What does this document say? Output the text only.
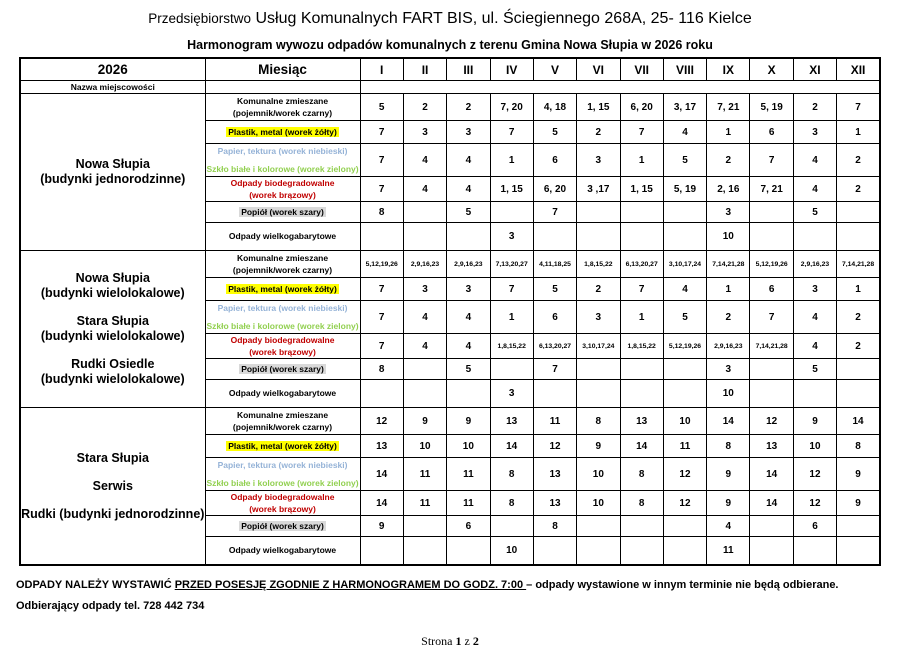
Przedsiębiorstwo Usług Komunalnych FART BIS, ul. Ściegiennego 268A, 25- 116 Kielce
Harmonogram wywozu odpadów komunalnych z terenu Gmina Nowa Słupia w 2026 roku
2026	Miesiąc	I	II	III	IV	V	VI	VII	VIII	IX	X	XI	XII
Nazwa miejscowości													

Nowa Słupia
(budynki jednorodzinne)

Komunalne zmieszane
(pojemnik/worek czarny)	5	2	2	7, 20	4, 18	1, 15	6, 20	3, 17	7, 21	5, 19	2	7

	Plastik, metal (worek żółty)	7	3	3	7	5	2	7	4	1	6	3	1

	Papier, tektura (worek niebieski)
Szkło białe i kolorowe (worek zielony)	7	4	4	1	6	3	1	5	2	7	4	2

	Odpady biodegradowalne
(worek brązowy)	7	4	4	1, 15	6, 20	3 ,17	1, 15	5, 19	2, 16	7, 21	4	2

	Popiół (worek szary)	8		5		7				3		5	

	Odpady wielkogabarytowe				3					10			

Nowa Słupia
(budynki wielolokalowe)
Stara Słupia
(budynki wielolokalowe)
Rudki Osiedle
(budynki wielolokalowe)

Komunalne zmieszane
(pojemnik/worek czarny)
	5,12,19,26	2,9,16,23	2,9,16,23	7,13,20,27	4,11,18,25	1,8,15,22	6,13,20,27	3,10,17,24	7,14,21,28	5,12,19,26	2,9,16,23	7,14,21,28

	Plastik, metal (worek żółty)	7	3	3	7	5	2	7	4	1	6	3	1

	Papier, tektura (worek niebieski)
Szkło białe i kolorowe (worek zielony)	7	4	4	1	6	3	1	5	2	7	4	2

	Odpady biodegradowalne
(worek brązowy)	7	4	4	1,8,15,22	6,13,20,27	3,10,17,24	1,8,15,22	5,12,19,26	2,9,16,23	7,14,21,28	4	2

	Popiół (worek szary)	8		5		7				3		5	

	Odpady wielkogabarytowe				3					10			

Stara Słupia
Serwis
Rudki (budynki jednorodzinne)

Komunalne zmieszane
(pojemnik/worek czarny)	12	9	9	13	11	8	13	10	14	12	9	14

	Plastik, metal (worek żółty)	13	10	10	14	12	9	14	11	8	13	10	8

	Papier, tektura (worek niebieski)
Szkło białe i kolorowe (worek zielony)	14	11	11	8	13	10	8	12	9	14	12	9

	Odpady biodegradowalne
(worek brązowy)	14	11	11	8	13	10	8	12	9	14	12	9

	Popiół (worek szary)	9		6		8				4		6	

	Odpady wielkogabarytowe				10					11			
ODPADY NALEŻY WYSTAWIĆ PRZED POSESJĘ ZGODNIE Z HARMONOGRAMEM DO GODZ. 7:00 – odpady wystawione w innym terminie nie będą odbierane.
Odbierający odpady tel. 728 442 734
Strona 1 z 2
